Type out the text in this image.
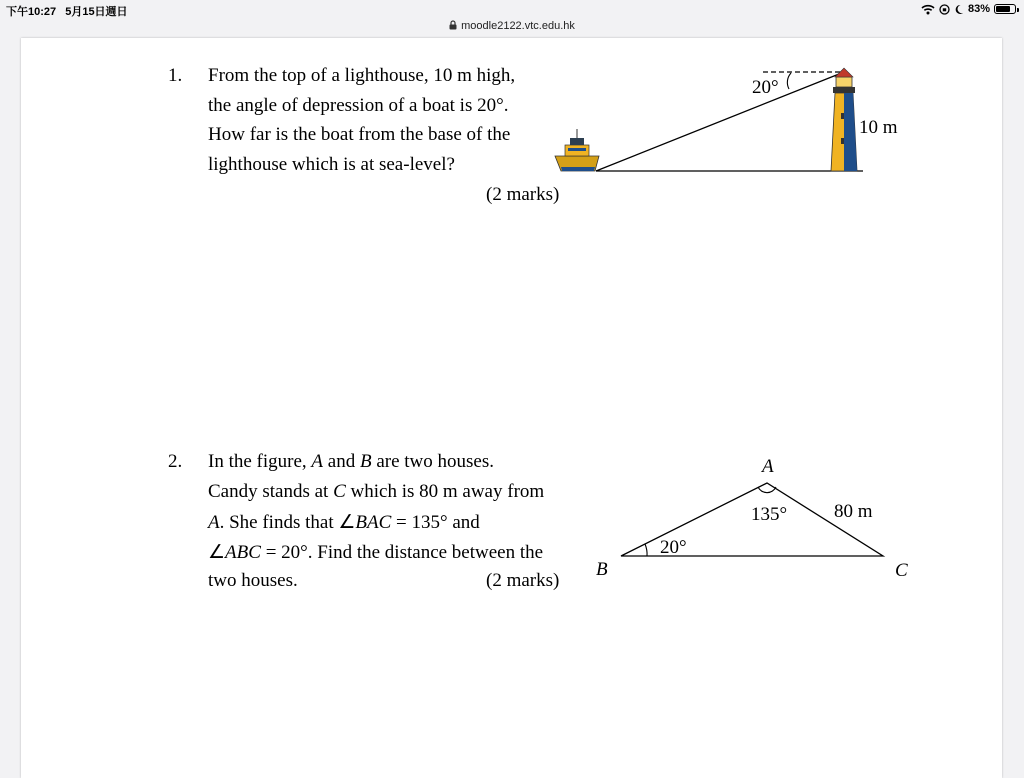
下午10:27 5月15日週日	83%
moodle2122.vtc.edu.hk
1. From the top of a lighthouse, 10 m high,
the angle of depression of a boat is 20°.
How far is the boat from the base of the
lighthouse which is at sea-level?
(2 marks)
20°
10 m
2. In the figure, A and B are two houses.
Candy stands at C which is 80 m away from
A. She finds that ∠BAC = 135° and
∠ABC = 20°. Find the distance between the
two houses.	(2 marks)
A
B	C
135°
20°
80 m
